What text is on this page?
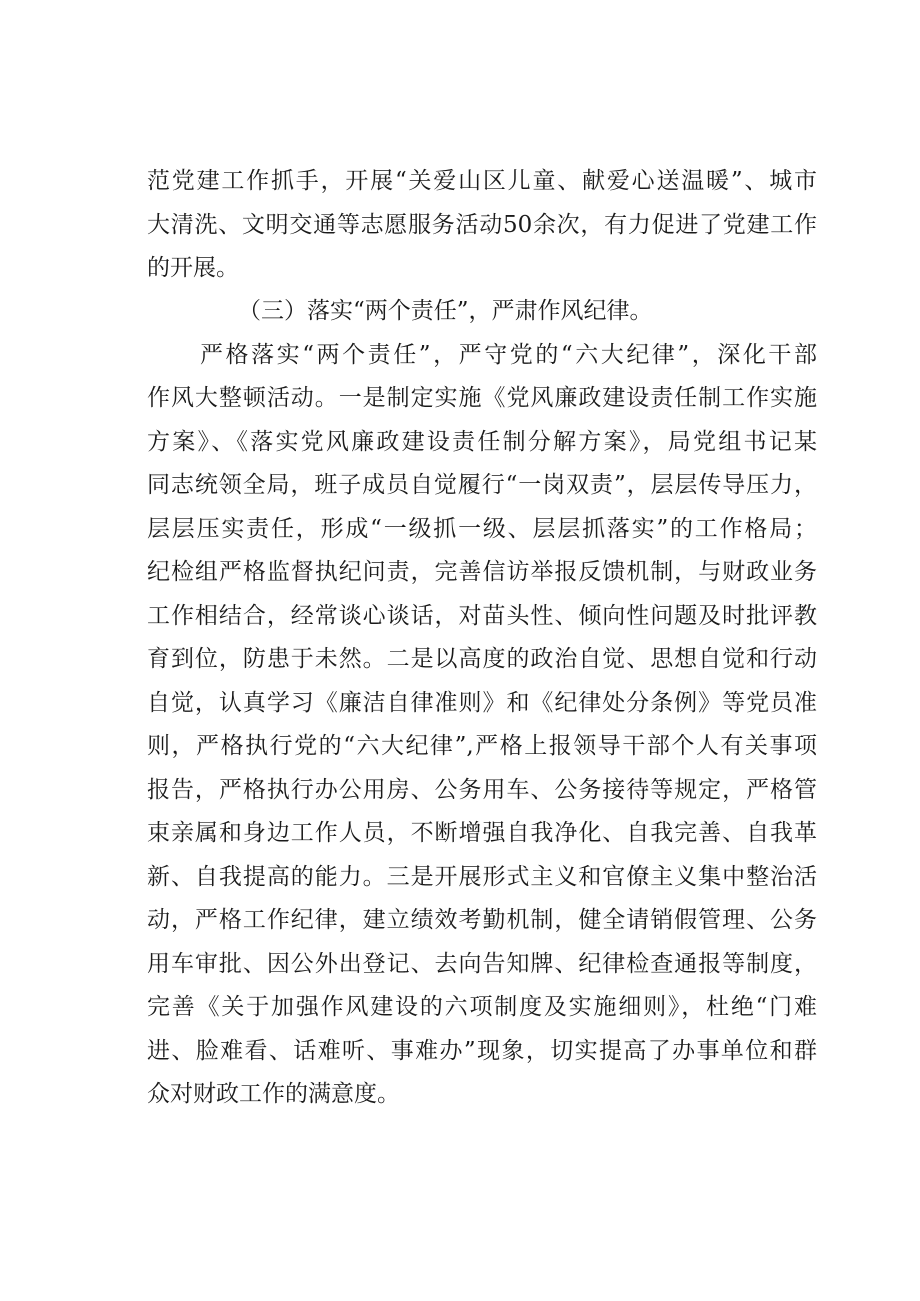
范党建工作抓手，开展“关爱山区儿童、献爱心送温暖”、城市

大清洗、文明交通等志愿服务活动50余次，有力促进了党建工作

的开展。

（三）落实“两个责任”，严肃作风纪律。

严格落实“两个责任”，严守党的“六大纪律”，深化干部

作风大整顿活动。一是制定实施《党风廉政建设责任制工作实施

方案》、《落实党风廉政建设责任制分解方案》，局党组书记某

同志统领全局，班子成员自觉履行“一岗双责”，层层传导压力，

层层压实责任，形成“一级抓一级、层层抓落实”的工作格局；

纪检组严格监督执纪问责，完善信访举报反馈机制，与财政业务

工作相结合，经常谈心谈话，对苗头性、倾向性问题及时批评教

育到位，防患于未然。二是以高度的政治自觉、思想自觉和行动

自觉，认真学习《廉洁自律准则》和《纪律处分条例》等党员准

则，严格执行党的“六大纪律”,严格上报领导干部个人有关事项

报告，严格执行办公用房、公务用车、公务接待等规定，严格管

束亲属和身边工作人员，不断增强自我净化、自我完善、自我革

新、自我提高的能力。三是开展形式主义和官僚主义集中整治活

动，严格工作纪律，建立绩效考勤机制，健全请销假管理、公务

用车审批、因公外出登记、去向告知牌、纪律检查通报等制度，

完善《关于加强作风建设的六项制度及实施细则》，杜绝“门难

进、脸难看、话难听、事难办”现象，切实提高了办事单位和群

众对财政工作的满意度。
